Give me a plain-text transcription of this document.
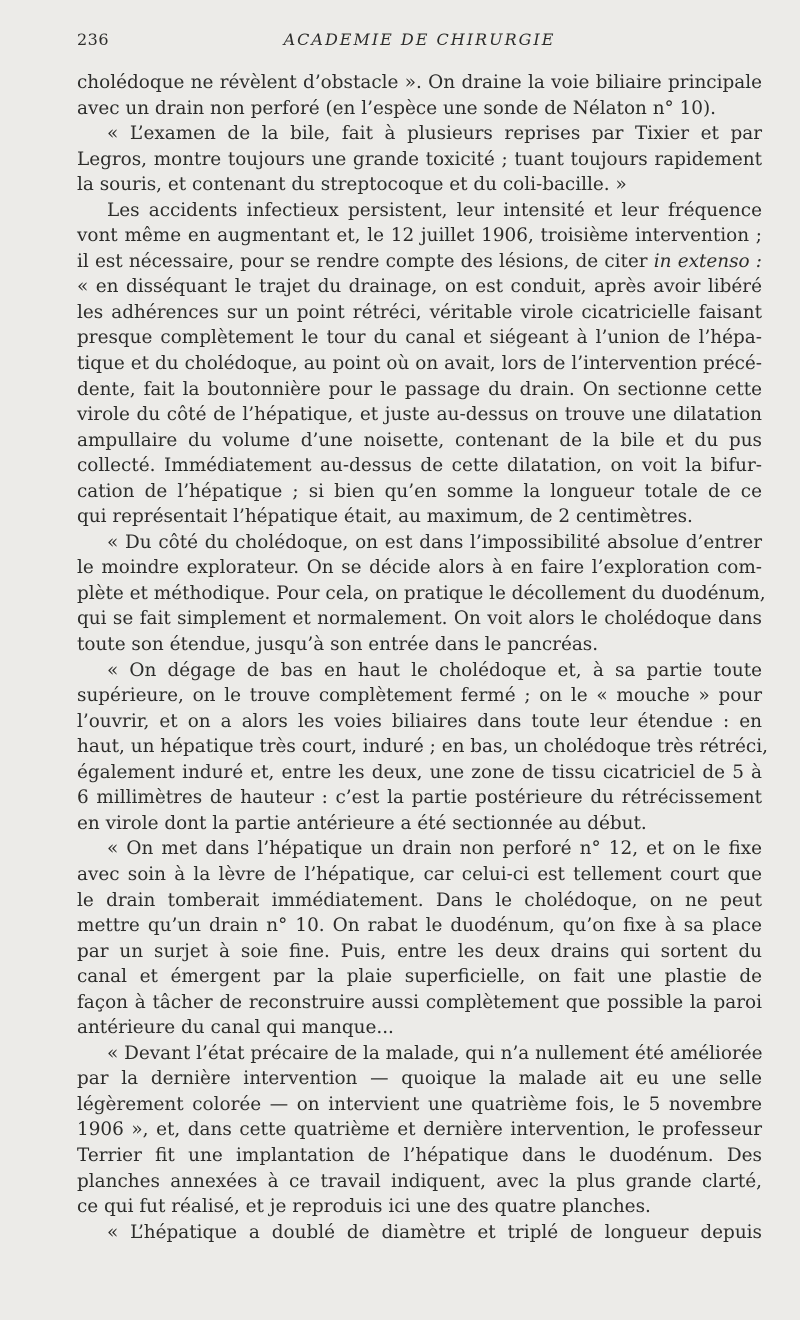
236	ACADEMIE DE CHIRURGIE
cholédoque ne révèlent d’obstacle ». On draine la voie biliaire principale
avec un drain non perforé (en l’espèce une sonde de Nélaton n° 10).
« L’examen de la bile, fait à plusieurs reprises par Tixier et par
Legros, montre toujours une grande toxicité ; tuant toujours rapidement
la souris, et contenant du streptocoque et du coli-bacille. »
Les accidents infectieux persistent, leur intensité et leur fréquence
vont même en augmentant et, le 12 juillet 1906, troisième intervention ;
il est nécessaire, pour se rendre compte des lésions, de citer in extenso :
« en disséquant le trajet du drainage, on est conduit, après avoir libéré
les adhérences sur un point rétréci, véritable virole cicatricielle faisant
presque complètement le tour du canal et siégeant à l’union de l’hépa-
tique et du cholédoque, au point où on avait, lors de l’intervention précé-
dente, fait la boutonnière pour le passage du drain. On sectionne cette
virole du côté de l’hépatique, et juste au-dessus on trouve une dilatation
ampullaire du volume d’une noisette, contenant de la bile et du pus
collecté. Immédiatement au-dessus de cette dilatation, on voit la bifur-
cation de l’hépatique ; si bien qu’en somme la longueur totale de ce
qui représentait l’hépatique était, au maximum, de 2 centimètres.
« Du côté du cholédoque, on est dans l’impossibilité absolue d’entrer
le moindre explorateur. On se décide alors à en faire l’exploration com-
plète et méthodique. Pour cela, on pratique le décollement du duodénum,
qui se fait simplement et normalement. On voit alors le cholédoque dans
toute son étendue, jusqu’à son entrée dans le pancréas.
« On dégage de bas en haut le cholédoque et, à sa partie toute
supérieure, on le trouve complètement fermé ; on le « mouche » pour
l’ouvrir, et on a alors les voies biliaires dans toute leur étendue : en
haut, un hépatique très court, induré ; en bas, un cholédoque très rétréci,
également induré et, entre les deux, une zone de tissu cicatriciel de 5 à
6 millimètres de hauteur : c’est la partie postérieure du rétrécissement
en virole dont la partie antérieure a été sectionnée au début.
« On met dans l’hépatique un drain non perforé n° 12, et on le fixe
avec soin à la lèvre de l’hépatique, car celui-ci est tellement court que
le drain tomberait immédiatement. Dans le cholédoque, on ne peut
mettre qu’un drain n° 10. On rabat le duodénum, qu’on fixe à sa place
par un surjet à soie fine. Puis, entre les deux drains qui sortent du
canal et émergent par la plaie superficielle, on fait une plastie de
façon à tâcher de reconstruire aussi complètement que possible la paroi
antérieure du canal qui manque...
« Devant l’état précaire de la malade, qui n’a nullement été améliorée
par la dernière intervention — quoique la malade ait eu une selle
légèrement colorée — on intervient une quatrième fois, le 5 novembre
1906 », et, dans cette quatrième et dernière intervention, le professeur
Terrier fit une implantation de l’hépatique dans le duodénum. Des
planches annexées à ce travail indiquent, avec la plus grande clarté,
ce qui fut réalisé, et je reproduis ici une des quatre planches.
« L’hépatique a doublé de diamètre et triplé de longueur depuis
